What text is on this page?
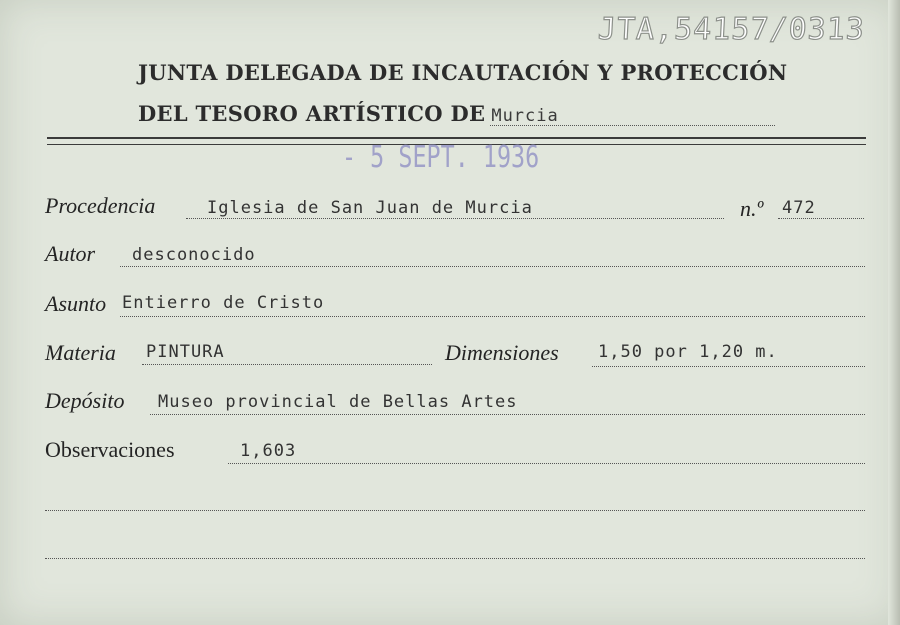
JTA,54157/0313
JUNTA DELEGADA DE INCAUTACIÓN Y PROTECCIÓN
DEL TESORO ARTÍSTICO DE Murcia
- 5 SEPT. 1936
Procedencia	Iglesia de San Juan de Murcia	n.º 472
Autor desconocido
Asunto Entierro de Cristo
Materia PINTURA	Dimensiones 1,50 por 1,20 m.
Depósito Museo provincial de Bellas Artes
Observaciones	1,603
